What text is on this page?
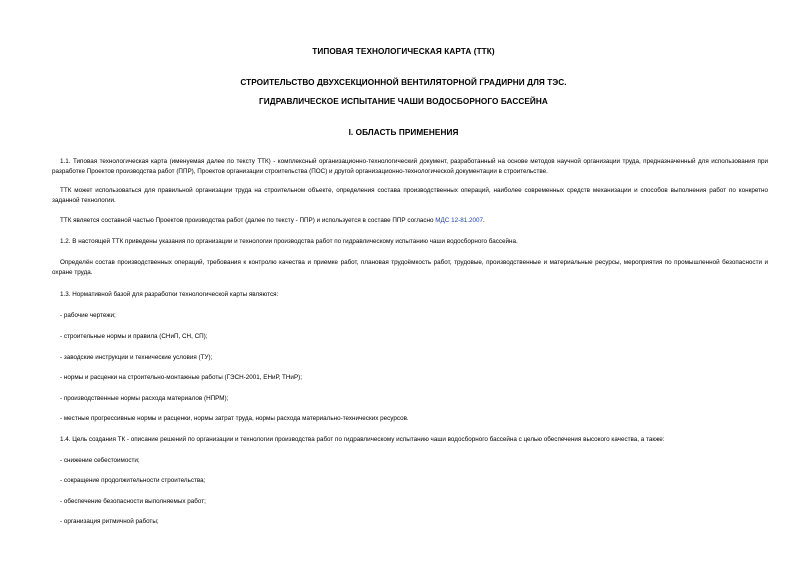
ТИПОВАЯ ТЕХНОЛОГИЧЕСКАЯ КАРТА (ТТК)
СТРОИТЕЛЬСТВО ДВУХСЕКЦИОННОЙ ВЕНТИЛЯТОРНОЙ ГРАДИРНИ ДЛЯ ТЭС.
ГИДРАВЛИЧЕСКОЕ ИСПЫТАНИЕ ЧАШИ ВОДОСБОРНОГО БАССЕЙНА
I. ОБЛАСТЬ ПРИМЕНЕНИЯ
1.1. Типовая технологическая карта (именуемая далее по тексту ТТК) - комплексный организационно-технологический документ, разработанный на основе методов научной организации труда, предназначенный для использования при разработке Проектов производства работ (ППР), Проектов организации строительства (ПОС) и другой организационно-технологической документации в строительстве.
ТТК может использоваться для правильной организации труда на строительном объекте, определения состава производственных операций, наиболее современных средств механизации и способов выполнения работ по конкретно заданной технологии.
ТТК является составной частью Проектов производства работ (далее по тексту - ППР) и используется в составе ППР согласно МДС 12-81.2007.
1.2. В настоящей ТТК приведены указания по организации и технологии производства работ по гидравлическому испытанию чаши водосборного бассейна.
Определён состав производственных операций, требования к контролю качества и приемке работ, плановая трудоёмкость работ, трудовые, производственные и материальные ресурсы, мероприятия по промышленной безопасности и охране труда.
1.3. Нормативной базой для разработки технологической карты являются:
- рабочие чертежи;
- строительные нормы и правила (СНиП, СН, СП);
- заводские инструкции и технические условия (ТУ);
- нормы и расценки на строительно-монтажные работы (ГЭСН-2001, ЕНиР, ТНиР);
- производственные нормы расхода материалов (НПРМ);
- местные прогрессивные нормы и расценки, нормы затрат труда, нормы расхода материально-технических ресурсов.
1.4. Цель создания ТК - описание решений по организации и технологии производства работ по гидравлическому испытанию чаши водосборного бассейна с целью обеспечения высокого качества, а также:
- снижение себестоимости;
- сокращение продолжительности строительства;
- обеспечение безопасности выполняемых работ;
- организация ритмичной работы;
